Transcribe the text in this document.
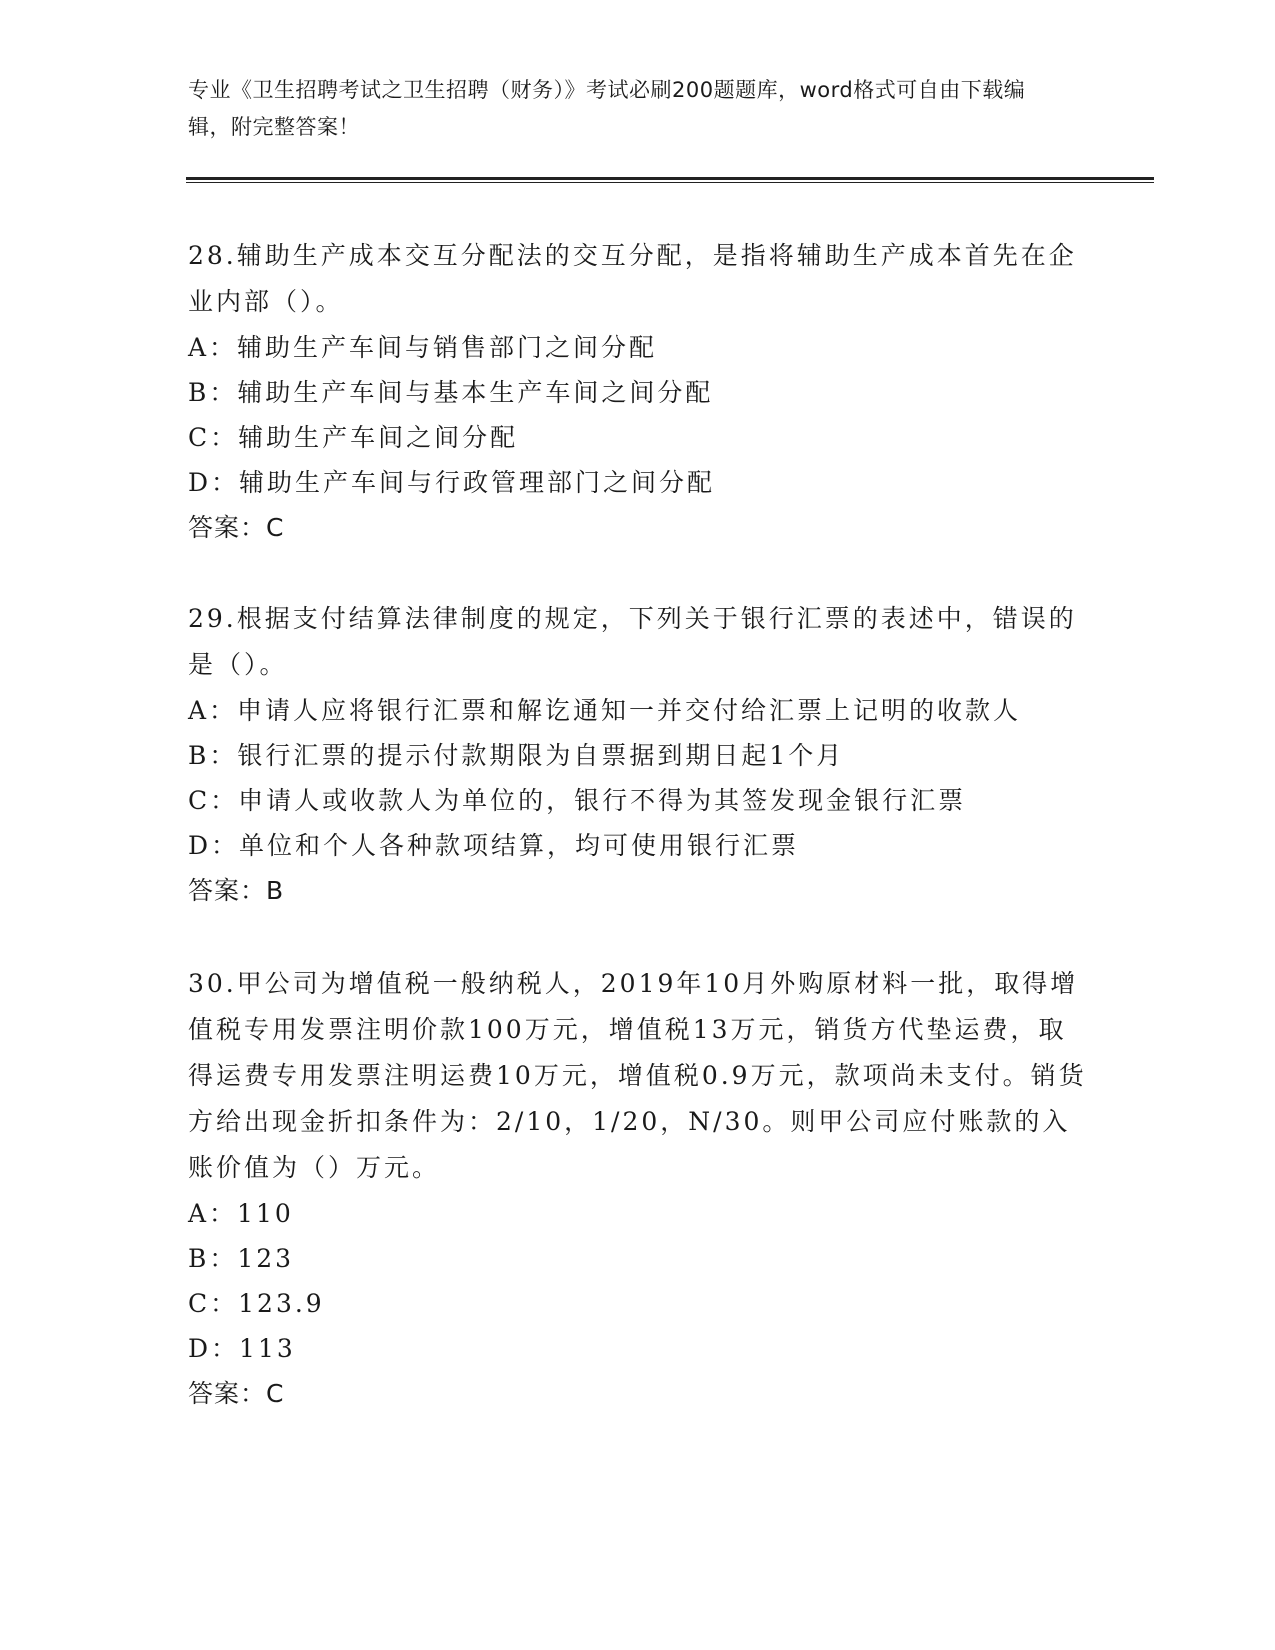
专业《卫生招聘考试之卫生招聘（财务）》考试必刷200题题库，word格式可自由下载编辑，附完整答案！

28.辅助生产成本交互分配法的交互分配，是指将辅助生产成本首先在企业内部（）。

A：辅助生产车间与销售部门之间分配

B：辅助生产车间与基本生产车间之间分配

C：辅助生产车间之间分配

D：辅助生产车间与行政管理部门之间分配

答案：C

29.根据支付结算法律制度的规定，下列关于银行汇票的表述中，错误的是（）。

A：申请人应将银行汇票和解讫通知一并交付给汇票上记明的收款人

B：银行汇票的提示付款期限为自票据到期日起1个月

C：申请人或收款人为单位的，银行不得为其签发现金银行汇票

D：单位和个人各种款项结算，均可使用银行汇票

答案：B

30.甲公司为增值税一般纳税人，2019年10月外购原材料一批，取得增值税专用发票注明价款100万元，增值税13万元，销货方代垫运费，取得运费专用发票注明运费10万元，增值税0.9万元，款项尚未支付。销货方给出现金折扣条件为：2/10，1/20，N/30。则甲公司应付账款的入账价值为（）万元。

A：110

B：123

C：123.9

D：113

答案：C
